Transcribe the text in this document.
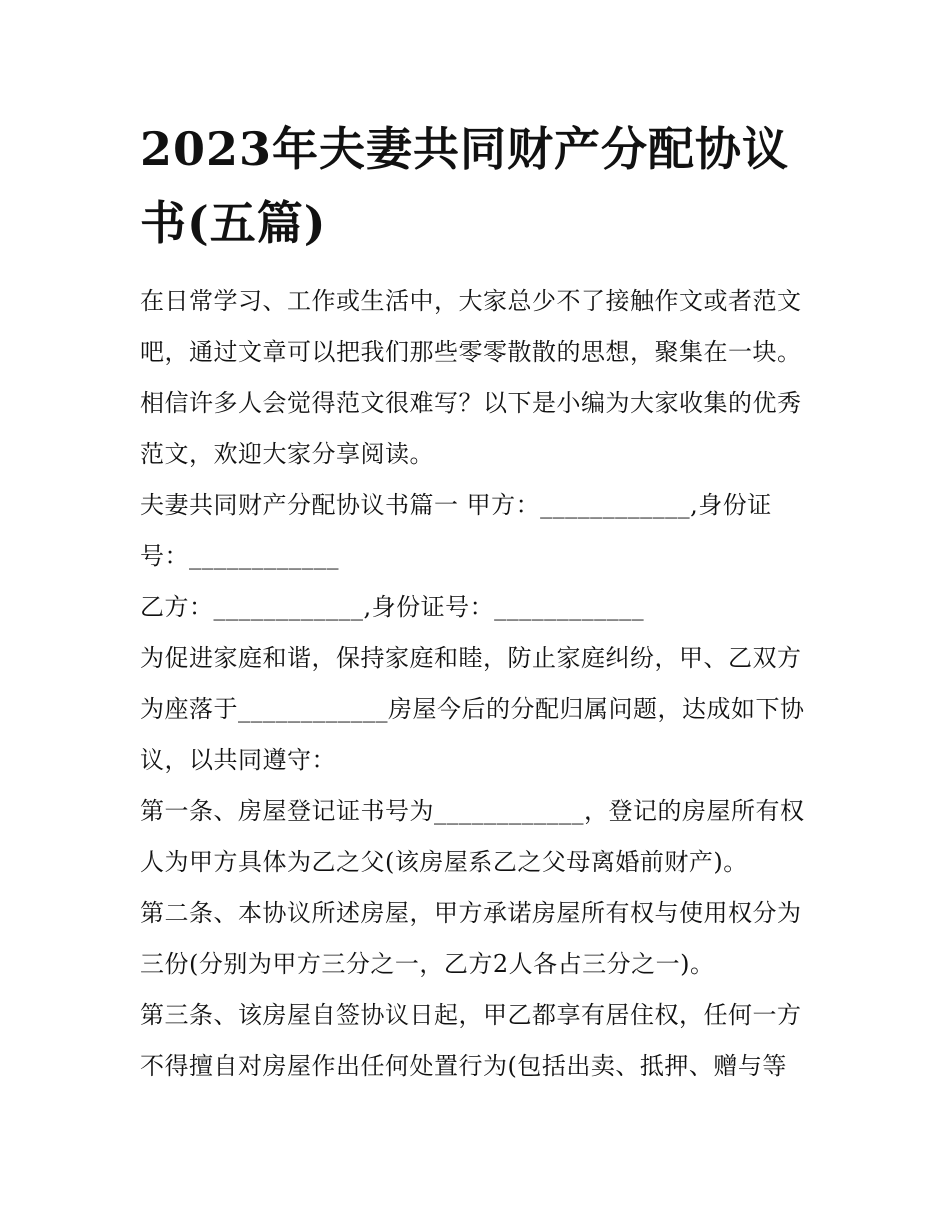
2023年夫妻共同财产分配协议书(五篇)

在日常学习、工作或生活中，大家总少不了接触作文或者范文吧，通过文章可以把我们那些零零散散的思想，聚集在一块。相信许多人会觉得范文很难写？以下是小编为大家收集的优秀范文，欢迎大家分享阅读。

夫妻共同财产分配协议书篇一 甲方：____________,身份证号：____________

乙方：____________,身份证号：____________

为促进家庭和谐，保持家庭和睦，防止家庭纠纷，甲、乙双方为座落于____________房屋今后的分配归属问题，达成如下协议，以共同遵守：

第一条、房屋登记证书号为____________，登记的房屋所有权人为甲方具体为乙之父(该房屋系乙之父母离婚前财产)。

第二条、本协议所述房屋，甲方承诺房屋所有权与使用权分为三份(分别为甲方三分之一，乙方2人各占三分之一)。

第三条、该房屋自签协议日起，甲乙都享有居住权，任何一方不得擅自对房屋作出任何处置行为(包括出卖、抵押、赠与等
